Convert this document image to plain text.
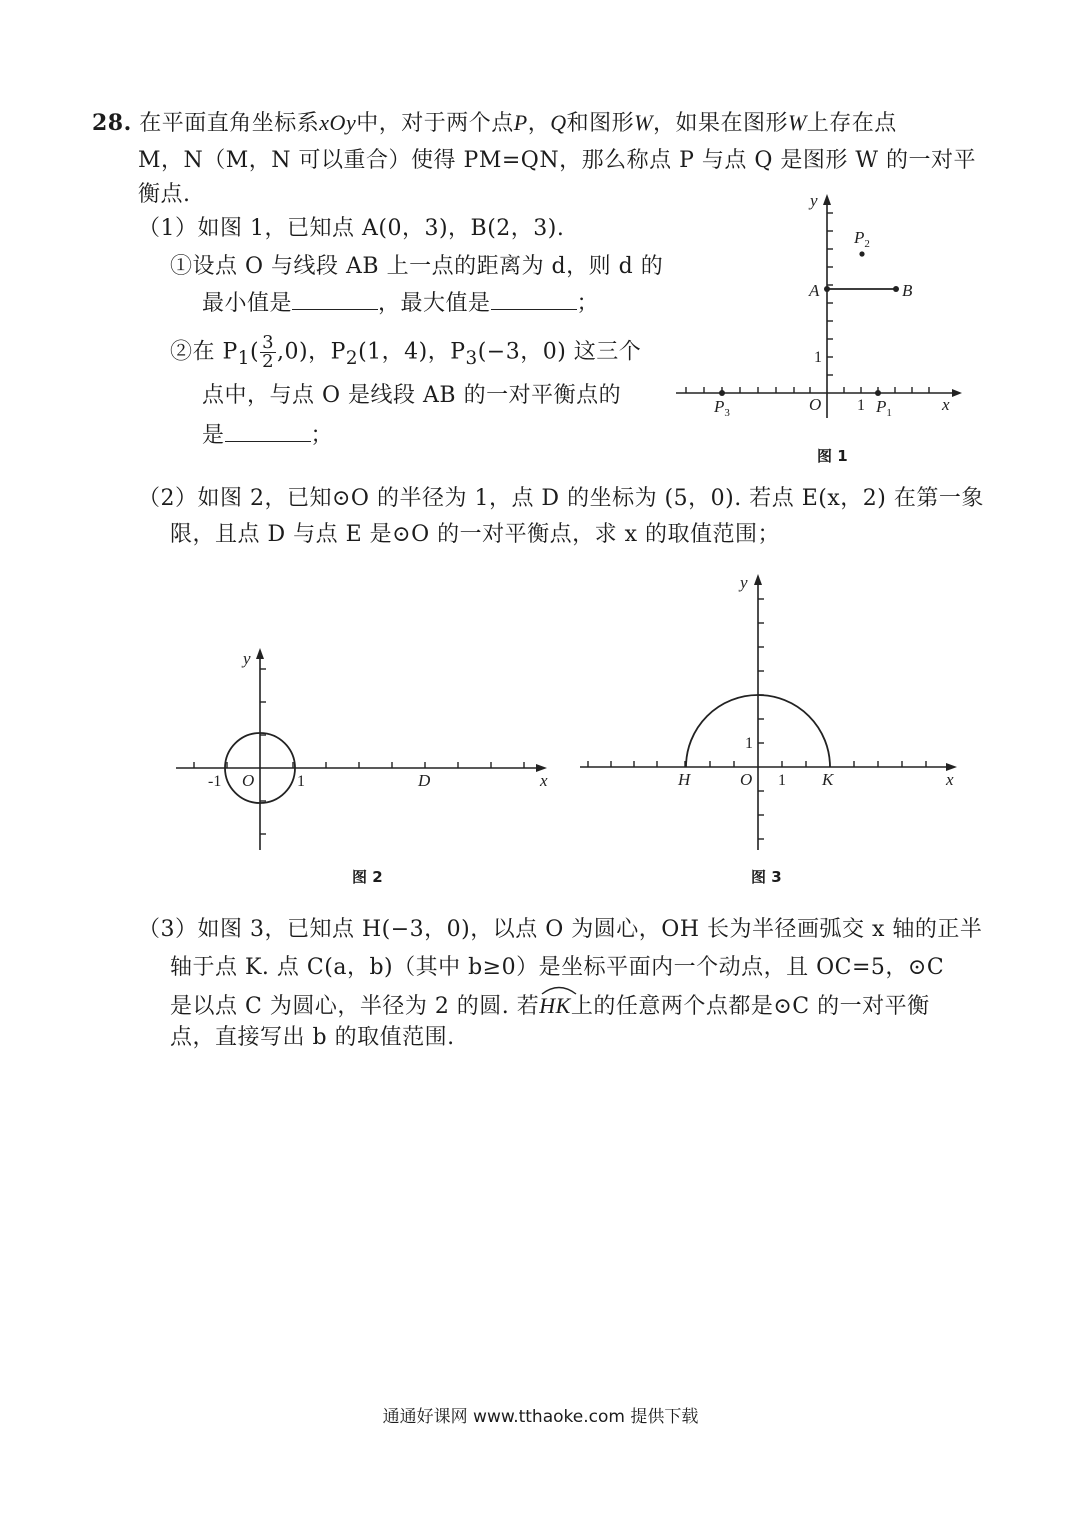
28. 在平面直角坐标系xOy中，对于两个点P，Q和图形W，如果在图形W上存在点
M，N（M，N 可以重合）使得 PM=QN，那么称点 P 与点 Q 是图形 W 的一对平
衡点.
（1）如图 1，已知点 A(0，3)，B(2，3).
①设点 O 与线段 AB 上一点的距离为 d，则 d 的
最小值是	，最大值是	；
②在 $P_1( \frac{3}{2} ,0)$，$P_2(1$，4)，$P_3(-3$，0) 这三个
点中，与点 O 是线段 AB 的一对平衡点的
是	；
y
x
O
A	B
$P_2$
$P_1$
$P_3$	1
1
图 1
（2）如图 2，已知⊙O 的半径为 1，点 D 的坐标为 (5，0). 若点 E(x，2) 在第一象
限，且点 D 与点 E 是⊙O 的一对平衡点，求 x 的取值范围；
y
x
O	D
-1	1
图 2
y
x
O
H	K
1
1
图 3
（3）如图 3，已知点 H(−3，0)，以点 O 为圆心，OH 长为半径画弧交 x 轴的正半
轴于点 K. 点 C(a，b)（其中 b≥0）是坐标平面内一个动点，且 OC=5，⊙C
是以点 C 为圆心，半径为 2 的圆. 若
HK上的任意两个点都是⊙C 的一对平衡
点，直接写出 b 的取值范围.
通通好课网 www.tthaoke.com 提供下载
